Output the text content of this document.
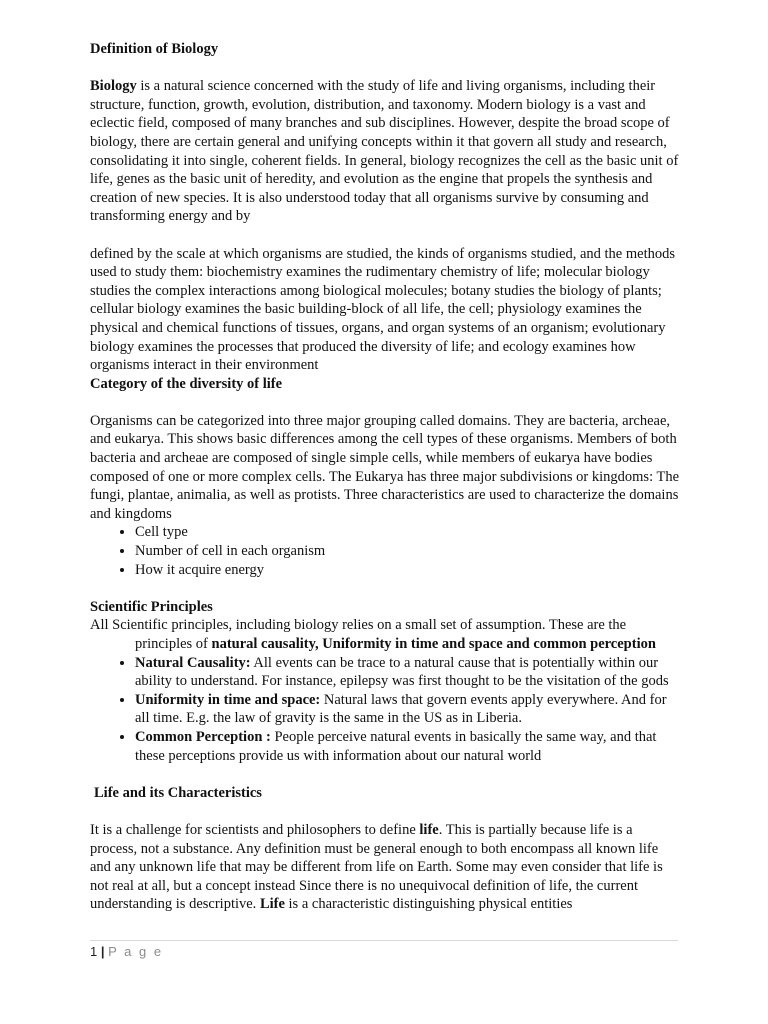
Definition of Biology

Biology is a natural science concerned with the study of life and living organisms, including their structure, function, growth, evolution, distribution, and taxonomy. Modern biology is a vast and eclectic field, composed of many branches and sub disciplines. However, despite the broad scope of biology, there are certain general and unifying concepts within it that govern all study and research, consolidating it into single, coherent fields. In general, biology recognizes the cell as the basic unit of life, genes as the basic unit of heredity, and evolution as the engine that propels the synthesis and creation of new species. It is also understood today that all organisms survive by consuming and transforming energy and by

defined by the scale at which organisms are studied, the kinds of organisms studied, and the methods used to study them: biochemistry examines the rudimentary chemistry of life; molecular biology studies the complex interactions among biological molecules; botany studies the biology of plants; cellular biology examines the basic building-block of all life, the cell; physiology examines the physical and chemical functions of tissues, organs, and organ systems of an organism; evolutionary biology examines the processes that produced the diversity of life; and ecology examines how organisms interact in their environment

Category of the diversity of life

Organisms can be categorized into three major grouping called domains. They are bacteria, archeae, and eukarya. This shows basic differences among the cell types of these organisms. Members of both bacteria and archeae are composed of single simple cells, while members of eukarya have bodies composed of one or more complex cells. The Eukarya has three major subdivisions or kingdoms: The fungi, plantae, animalia, as well as protists. Three characteristics are used to characterize the domains and kingdoms

• Cell type
• Number of cell in each organism
• How it acquire energy

Scientific Principles

All Scientific principles, including biology relies on a small set of assumption. These are the

principles of natural causality, Uniformity in time and space and common perception

• Natural Causality: All events can be trace to a natural cause that is potentially within our ability to understand. For instance, epilepsy was first thought to be the visitation of the gods
• Uniformity in time and space: Natural laws that govern events apply everywhere. And for all time. E.g. the law of gravity is the same in the US as in Liberia.
• Common Perception : People perceive natural events in basically the same way, and that these perceptions provide us with information about our natural world

Life and its Characteristics

It is a challenge for scientists and philosophers to define life. This is partially because life is a process, not a substance. Any definition must be general enough to both encompass all known life and any unknown life that may be different from life on Earth. Some may even consider that life is not real at all, but a concept instead Since there is no unequivocal definition of life, the current understanding is descriptive. Life is a characteristic distinguishing physical entities

1 | P a g e
